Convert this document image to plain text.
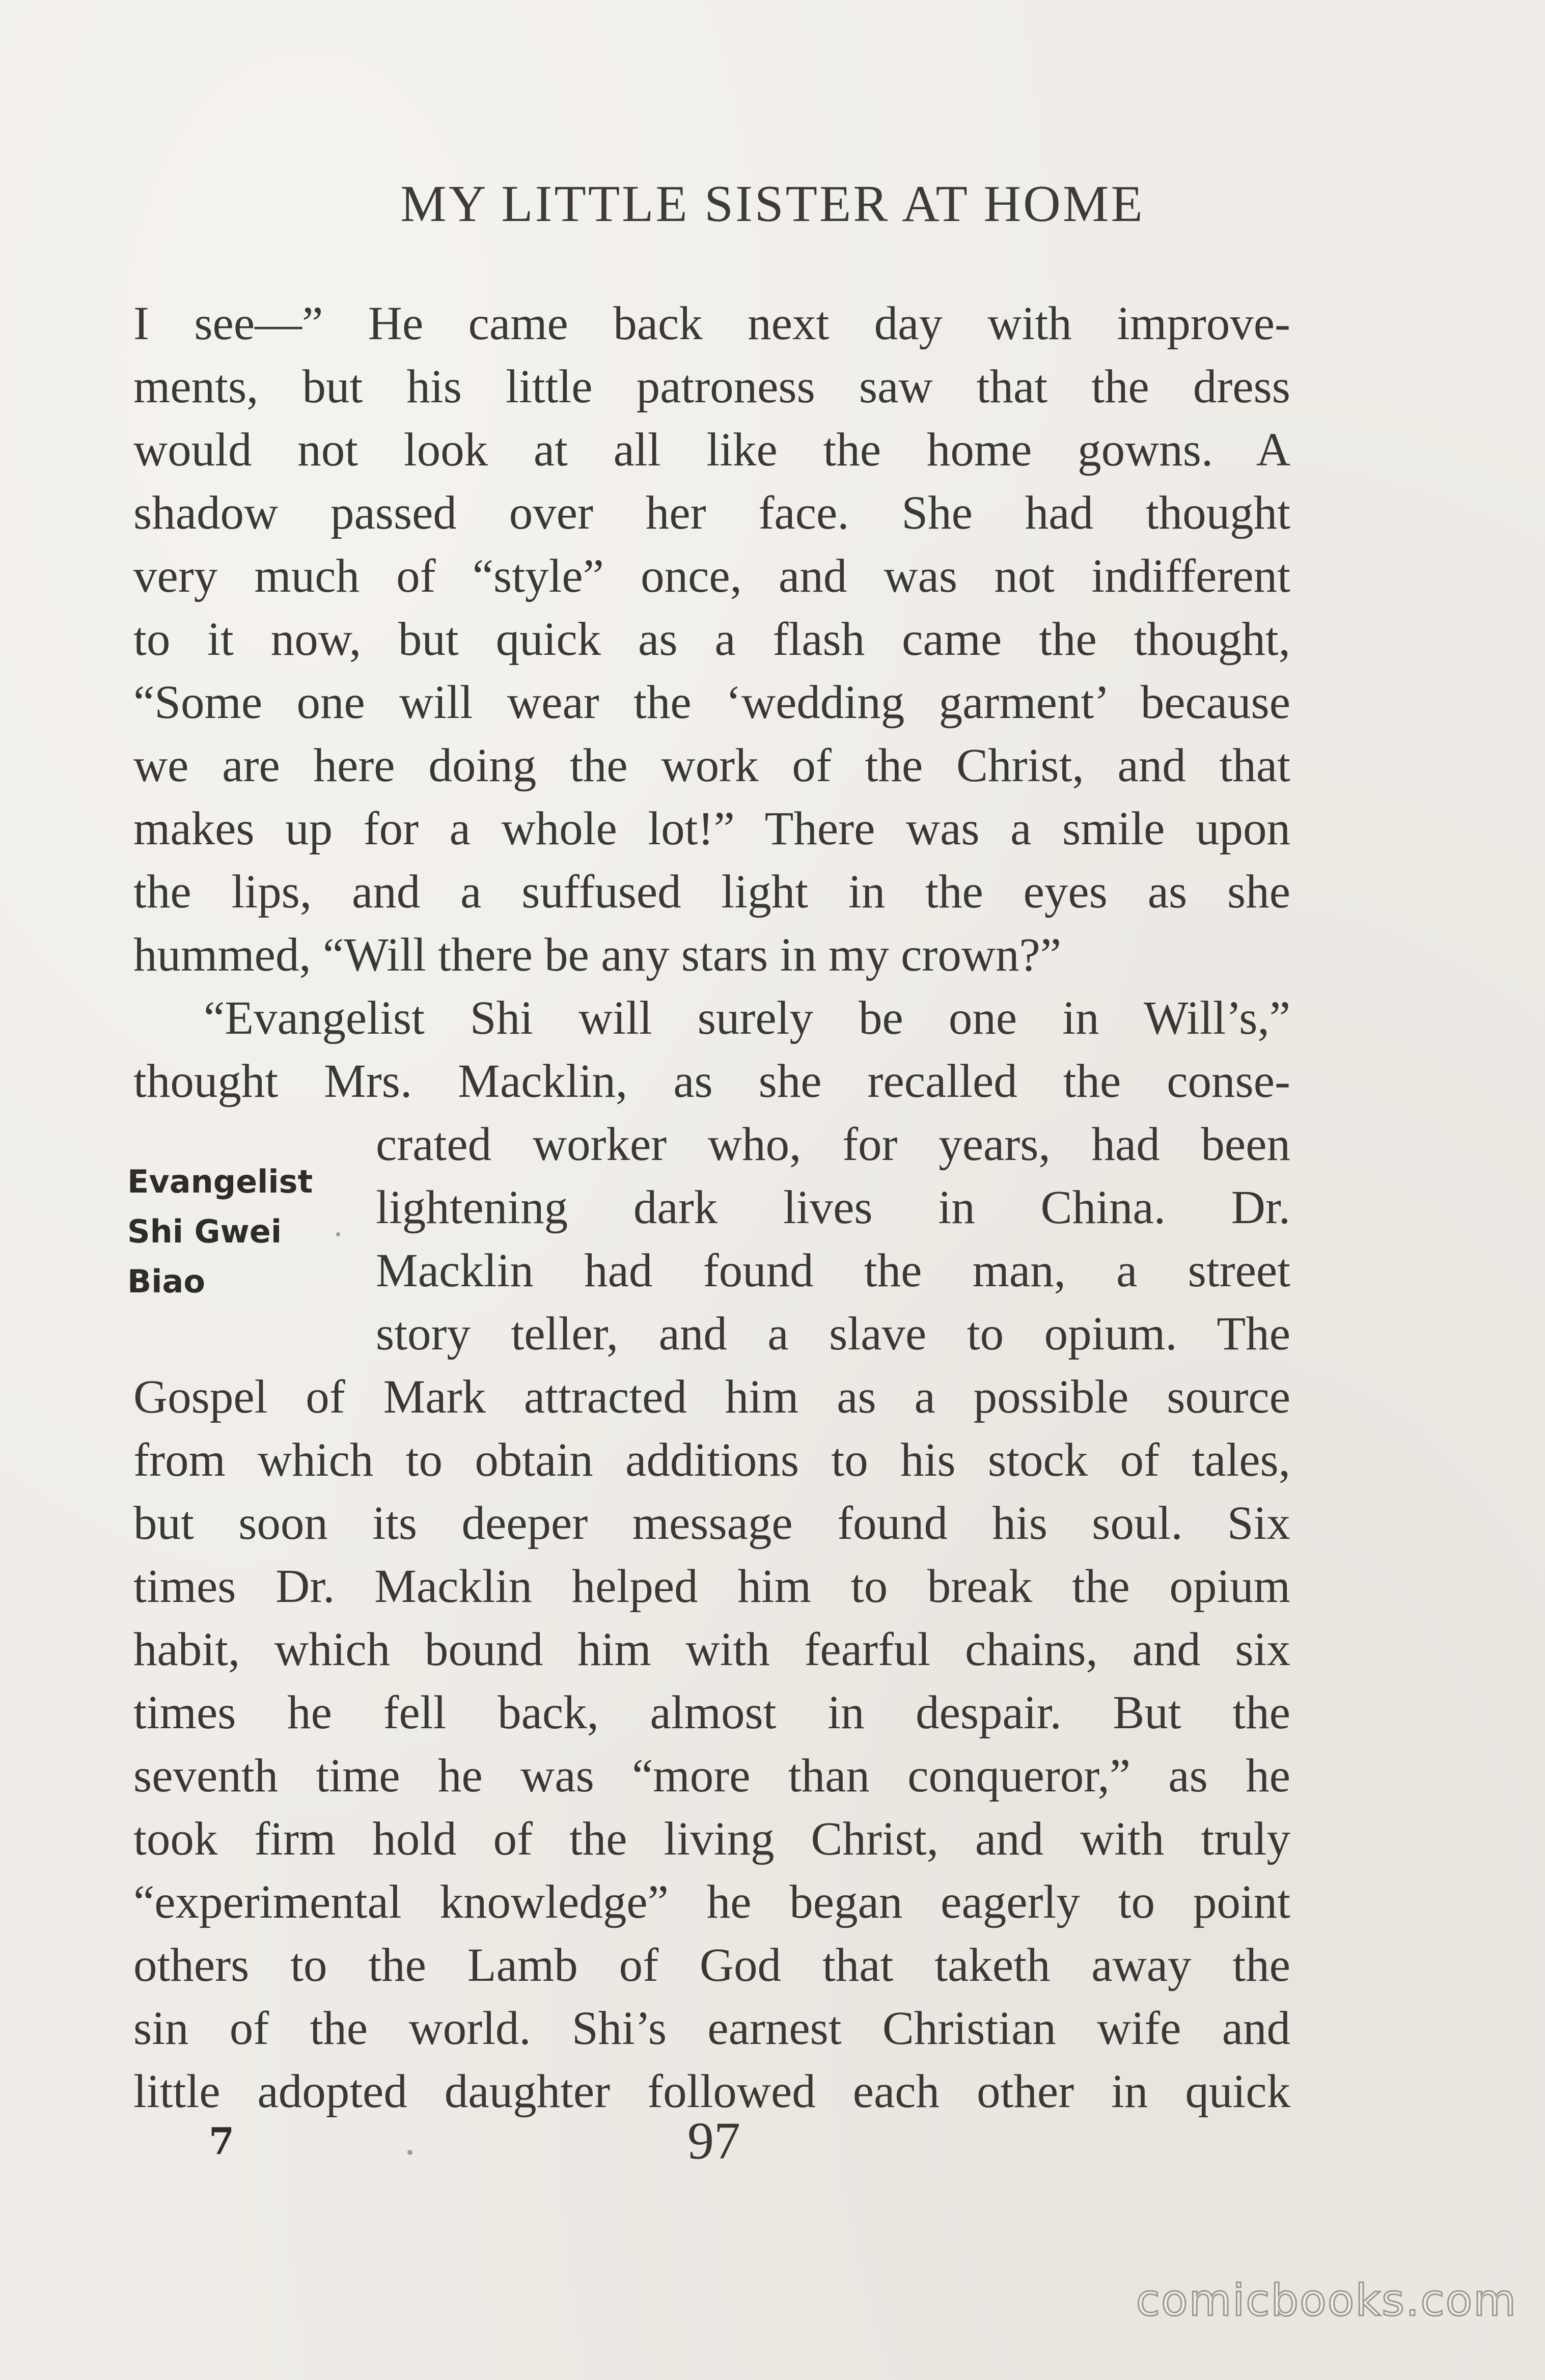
MY LITTLE SISTER AT HOME
I see—” He came back next day with improve-
ments, but his little patroness saw that the dress
would not look at all like the home gowns. A
shadow passed over her face. She had thought
very much of “style” once, and was not indifferent
to it now, but quick as a flash came the thought,
“Some one will wear the ‘wedding garment’ because
we are here doing the work of the Christ, and that
makes up for a whole lot!” There was a smile upon
the lips, and a suffused light in the eyes as she
hummed, “Will there be any stars in my crown?”
“Evangelist Shi will surely be one in Will’s,”
thought Mrs. Macklin, as she recalled the conse-
crated worker who, for years, had been
lightening dark lives in China. Dr.
Macklin had found the man, a street
story teller, and a slave to opium. The
Gospel of Mark attracted him as a possible source
from which to obtain additions to his stock of tales,
but soon its deeper message found his soul. Six
times Dr. Macklin helped him to break the opium
habit, which bound him with fearful chains, and six
times he fell back, almost in despair. But the
seventh time he was “more than conqueror,” as he
took firm hold of the living Christ, and with truly
“experimental knowledge” he began eagerly to point
others to the Lamb of God that taketh away the
sin of the world. Shi’s earnest Christian wife and
little adopted daughter followed each other in quick
Evangelist
Shi Gwei
Biao
7	97
comicbooks.com
